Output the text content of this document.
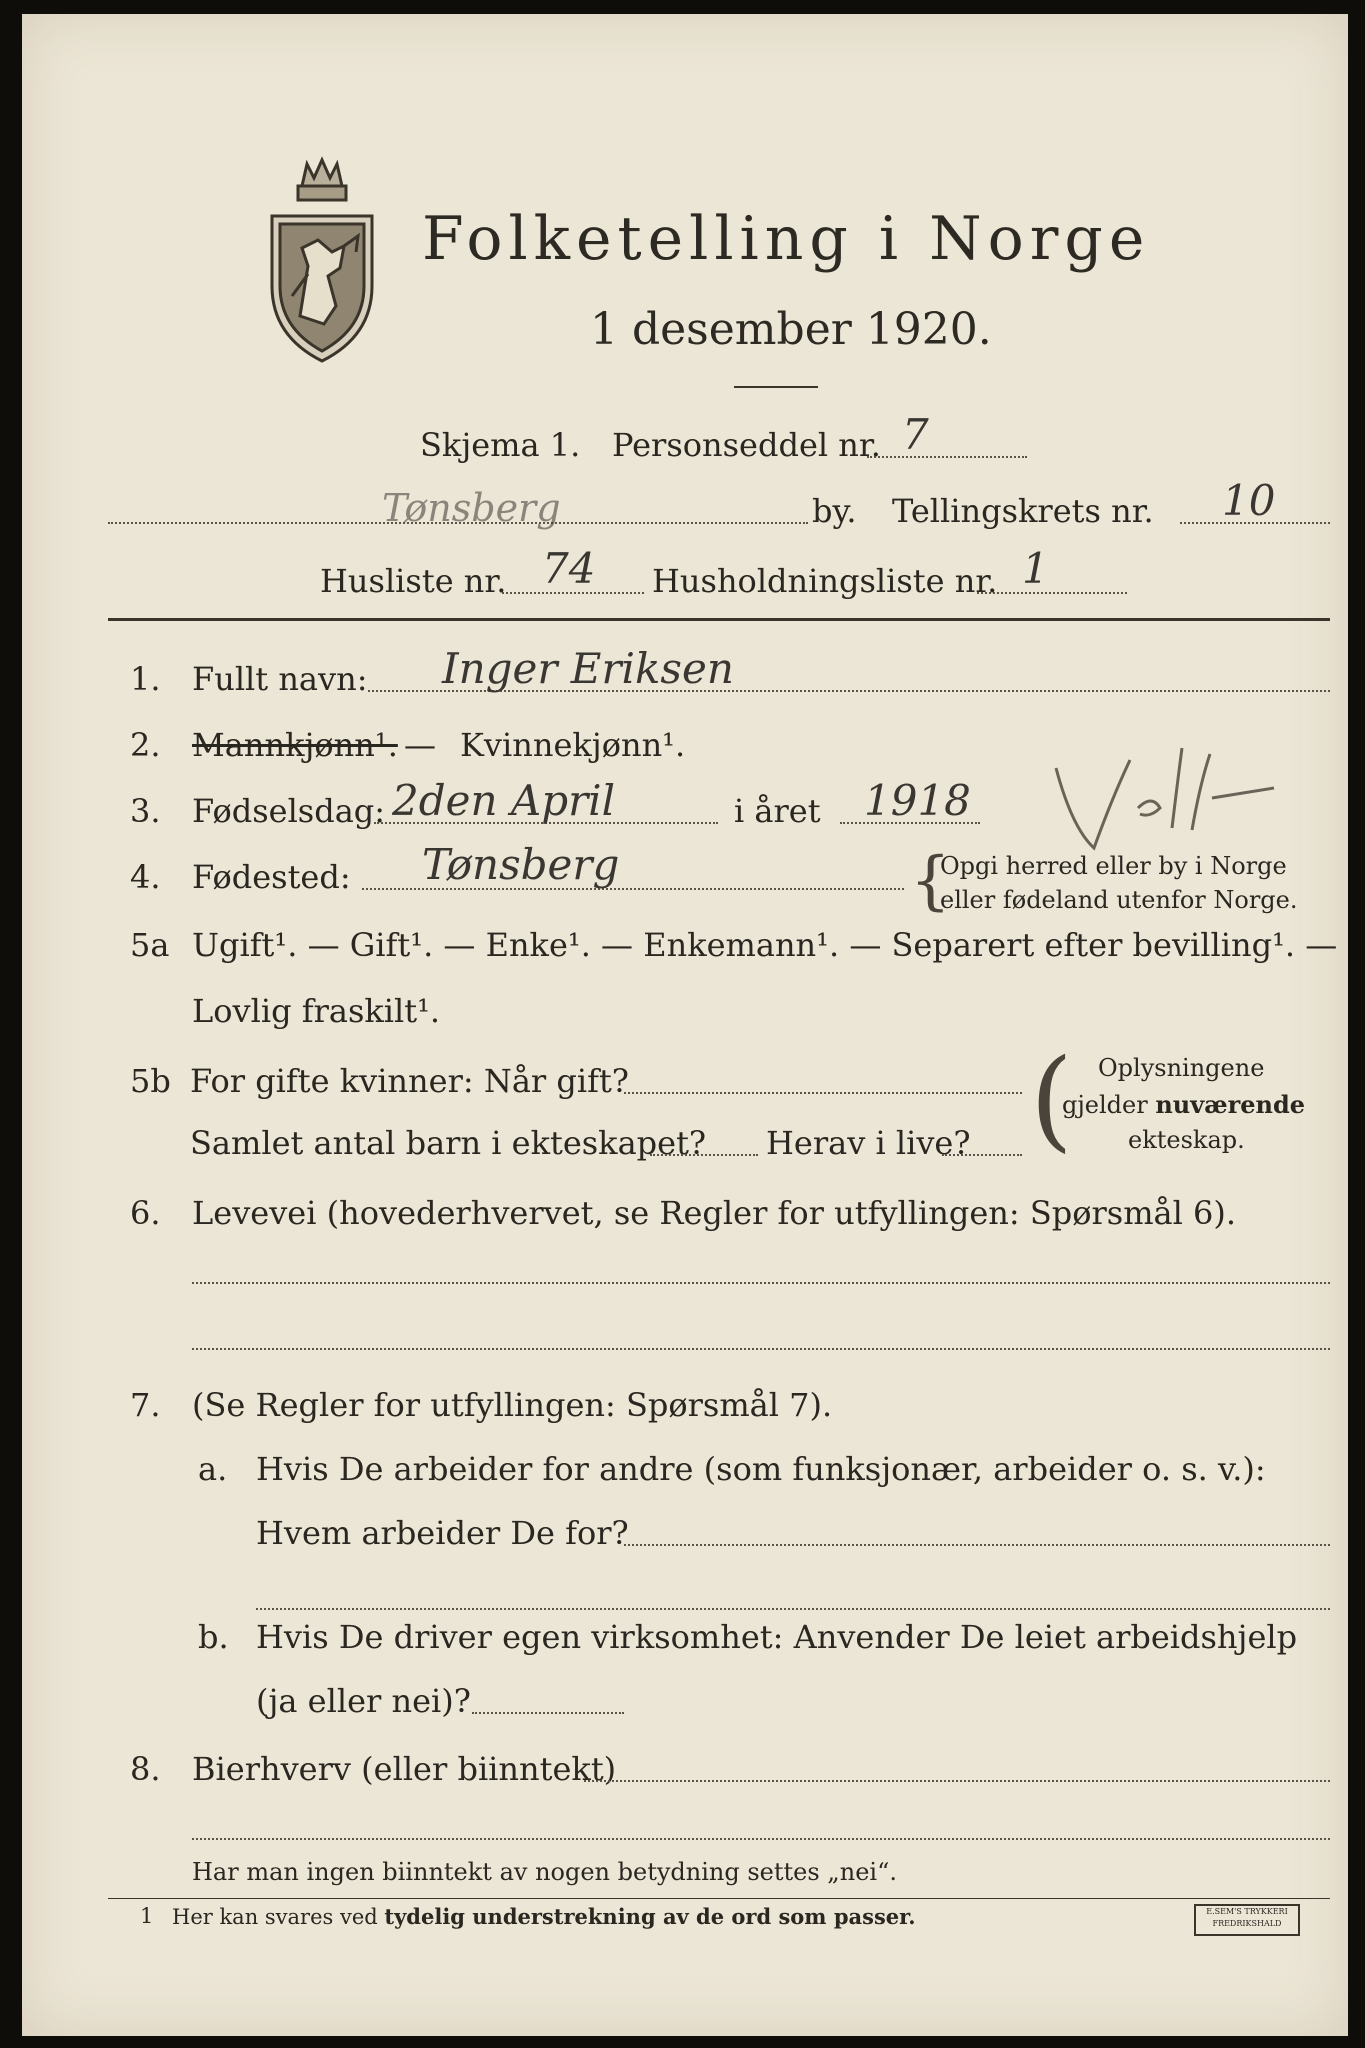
Folketelling i Norge
1 desember 1920.
Skjema 1. Personseddel nr. 7
Tønsberg	by. Tellingskrets nr. 10
Husliste nr. 74 Husholdningsliste nr. 1
1. Fullt navn: Inger Eriksen
2. Mannkjønn¹. — Kvinnekjønn¹.
3. Fødselsdag: 2den April	i året 1918
4. Fødested: Tønsberg	{
Opgi herred eller by i Norge
eller fødeland utenfor Norge.
5a Ugift¹. — Gift¹. — Enke¹. — Enkemann¹. — Separert efter bevilling¹. —
Lovlig fraskilt¹.
5b For gifte kvinner: Når gift?
Samlet antal barn i ekteskapet? Herav i live? ( Oplysningene
gjelder nuværende
ekteskap.
6. Levevei (hovederhvervet, se Regler for utfyllingen: Spørsmål 6).
7. (Se Regler for utfyllingen: Spørsmål 7).
a. Hvis De arbeider for andre (som funksjonær, arbeider o. s. v.):
Hvem arbeider De for?
b. Hvis De driver egen virksomhet: Anvender De leiet arbeidshjelp
(ja eller nei)?
8. Bierhverv (eller biinntekt)
Har man ingen biinntekt av nogen betydning settes „nei“.
1 Her kan svares ved tydelig understrekning av de ord som passer.	E.SEM'S TRYKKERI
FREDRIKSHALD
